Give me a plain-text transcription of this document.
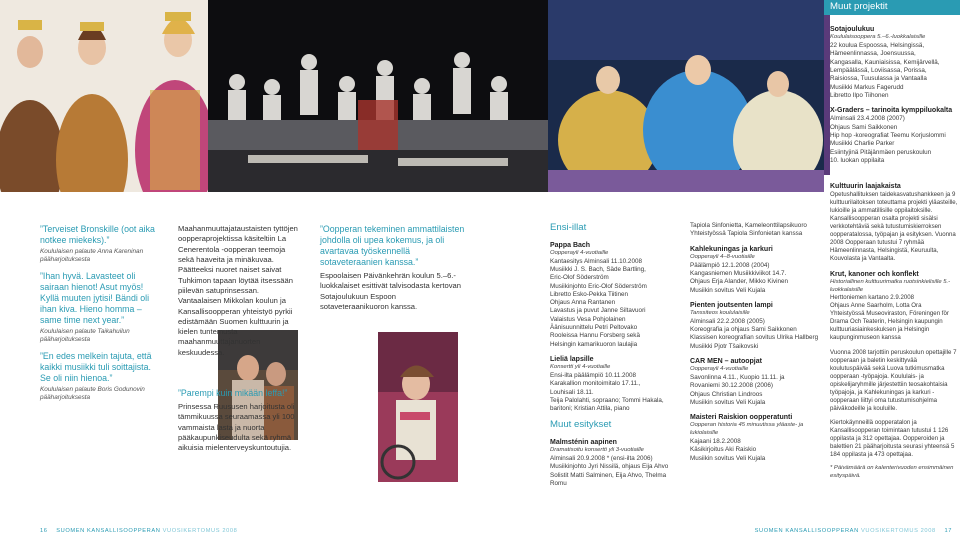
”Terveiset Bronskille (oot aika notkee miekeks).”
Koululaisen palaute Anna Kareninan pääharjoituksesta
”Ihan hyvä. Lavasteet oli sairaan hienot! Asut myös! Kyllä muuten jytisi! Bändi oli ihan kiva. Hieno homma – same time next year.”
Koululaisen palaute Taikahuilun pääharjoituksesta
”En edes melkein tajuta, että kaikki musiikki tuli soittajista. Se oli niin hienoa.”
Koululaisen palaute Boris Godunovin pääharjoituksesta
Maahanmuuttajataustaisten tyttöjen oopperaprojektissa käsiteltiin La Cenerentola -oopperan teemoja sekä haaveita ja minäkuvaa. Päätteeksi nuoret naiset saivat Tuhkimon tapaan löytää itsessään piilevän satuprinsessan. Vantaalaisen Mikkolan koulun ja Kansallisoopperan yhteistyö pyrkii edistämään Suomen kulttuurin ja kielen tuntemusta maahanmuuttajanuorten keskuudessa.
”Parempi kuin mikään leffa!”
Prinsessa Ruususen harjoitusta oli tämmikuussa seuraamassa yli 100 vammaista lasta ja nuorta pääkaupunkiseudulta sekä ryhmä aikuisia mielenterveyskuntoutujia.
”Oopperan tekeminen ammattilaisten johdolla oli upea kokemus, ja oli avartavaa työskennellä sotaveteraanien kanssa.”
Espoolaisen Päivänkehrän koulun 5.–6.-luokkalaiset esittivät talvisodasta kertovan Sotajoulukuun Espoon sotaveteraanikuoron kanssa.
16 SUOMEN KANSALLISOOPPERAN VUOSIKERTOMUS 2008
Muut projektit
Sotajoulukuu
Koululaisooppera 5.–6.-luokkalaisille
22 koulua Espoossa, Helsingissä,
Hämeenlinnassa, Joensuussa,
Kangasalla, Kauniaisissa, Kemijärvellä,
Lempäälässä, Loviisassa, Porissa,
Raisiossa, Tuusulassa ja Vantaalla
Musiikki Markus Fagerudd
Libretto Ilpo Tiihonen
X-Graders – tarinoita kymppiluokalta
Alminsali 23.4.2008 (2007)
Ohjaus Sami Saikkonen
Hip hop -koreografiat Teemu Korjuslommi
Musiikki Charlie Parker
Esiintyjinä Pitäjänmäen peruskoulun
10. luokan oppilaita
Ensi-illat
Pappa Bach
Oopperayli 4-vuotiaille
Kantaesitys Alminsali 11.10.2008
Musiikki J. S. Bach, Säde Bartling,
Eric-Olof Söderström
Musiikinjohto Eric-Olof Söderström
Libretto Esko-Pekka Tiitinen
Ohjaus Anna Rantanen
Lavastus ja puvut Janne Siltavuori
Valaistus Vesa Pohjolainen
Äänisuunnittelu Petri Peltovako
Rooleissa Hannu Forsberg sekä
Helsingin kamarikuoron laulajia
Lieliä lapsille
Konsertti yli 4-vuotiaille
Ensi-ilta päälämpiö 10.11.2008
Karakallion monitoimitalo 17.11.,
Louhisali 18.11.
Teija Palolahti, sopraano; Tommi Hakala,
baritoni; Kristian Attila, piano
Muut esitykset
Malmsténin aapinen
Dramatisoitu konsertti yli 3-vuotiaille
Alminsali 20.9.2008 * (ensi-ilta 2006)
Musiikinjohto Jyri Nissilä, ohjaus Eija Ahvo
Solistit Matti Salminen, Eija Ahvo, Thelma
Romu
Tapiola Sinfonietta, Kameleonttilapsikuoro
Yhteistyössä Tapiola Sinfonietan kanssa
Kahlekuningas ja karkuri
Oopperayli 4–8-vuotiaille
Päälämpiö 12.1.2008 (2004)
Kangasniemen Musiikkiviikot 14.7.
Ohjaus Erja Alander, Mikko Kivinen
Musiikin sovitus Veli Kujala
Pienten joutsenten lampi
Tanssiteos koululaisille
Alminsali 22.2.2008 (2005)
Koreografia ja ohjaus Sami Saikkonen
Klassisen koreografian sovitus Ulrika Hallberg
Musiikki Pjotr Tšaikovski
CAR MEN – autoopjat
Oopperayli 4-vuotiaille
Savonlinna 4.11., Kuopio 11.11. ja
Rovaniemi 30.12.2008 (2006)
Ohjaus Christian Lindroos
Musiikin sovitus Veli Kujala
Maisteri Raiskion oopperatunti
Oopperan historia 45 minuutissa yläaste- ja lukiolaisille
Kajaani 18.2.2008
Käsikirjoitus Aki Raiskio
Musiikin sovitus Veli Kujala
Kulttuurin laajakaista
Opetushallituksen taidekasvatushankkeen ja 9 kulttuurilaitoksen toteuttama projekti yläasteille, lukioille ja ammatillisille oppilaitoksille. Kansallisoopperan osalta projekti sisälsi verkkotehtäviä sekä tutustumiskierroksen oopperatalossa, työpajan ja esityksen. Vuonna 2008 Oopperaan tutustui 7 ryhmää Hämeenlinnasta, Helsingistä, Keuruulta, Kouvolasta ja Vantaalta.
Krut, kanoner och konflekt
Historiallinen kulttuurimatka ruotsinkielisille 5.-luokkalaisille
Herttoniemen kartano 2.9.2008
Ohjaus Anne Saarholm, Lotta Ora
Yhteistyössä Museoviraston, Föreningen för Drama Och Teaterin, Helsingin kaupungin kulttuuriasiainkeskuksen ja Helsingin kaupunginmuseon kanssa
Vuonna 2008 tarjottiin peruskoulun opettajille 7 oopperaan ja baletin keskittyvää koulutuspäivää sekä Luova tutkimusmatka oopperaan -työpajoja. Koululais- ja opiskelijaryhmille järjestettiin teosakohtaisia työpajoja, ja Kahlekuningas ja karkuri -oopperaan liittyi oma tutustumisohjelma päiväkodeille ja kouluille.
Kiertokäynneillä oopperatalon ja Kansallisoopperan toimintaan tutustui 1 126 oppilasta ja 312 opettajaa. Oopperoiden ja balettien 21 pääharjoitusta seurasi yhteensä 5 184 oppilasta ja 473 opettajaa.
* Päivämäärä on kalenterivuoden ensimmäinen esityspäivä.
SUOMEN KANSALLISOOPPERAN VUOSIKERTOMUS 2008 17
